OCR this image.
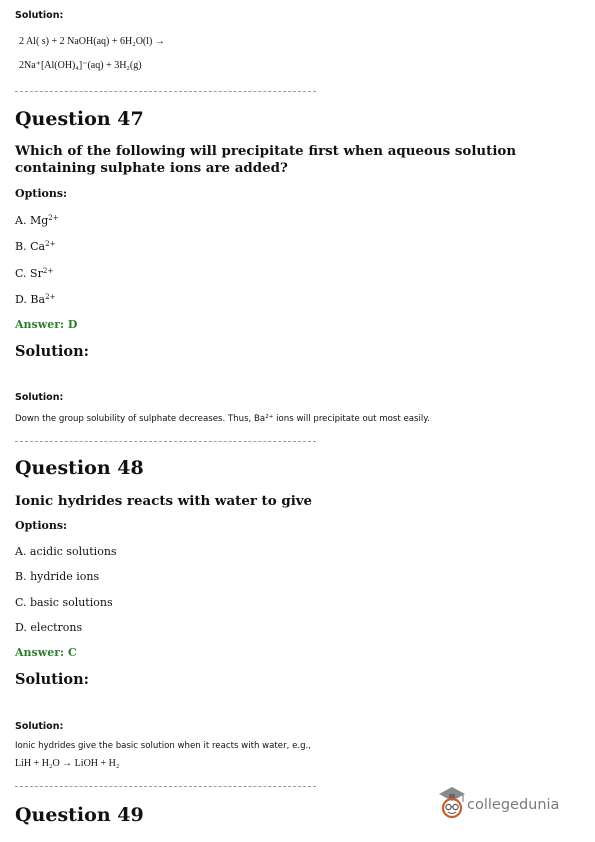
Solution:
2 Al( s) + 2 NaOH(aq) + 6H₂O(l) →
2Na⁺[Al(OH)₄]⁻(aq) + 3H₂(g)
Question 47
Which of the following will precipitate first when aqueous solution
containing sulphate ions are added?
Options:
A. $Mg^{2+}$
B. $Ca^{2+}$
C. $Sr^{2+}$
D. $Ba^{2+}$
Answer: D
Solution:
Solution:
Down the group solubility of sulphate decreases. Thus, $Ba^{2+}$ ions will precipitate out most easily.
Question 48
Ionic hydrides reacts with water to give
Options:
A. acidic solutions
B. hydride ions
C. basic solutions
D. electrons
Answer: C
Solution:
Solution:
Ionic hydrides give the basic solution when it reacts with water, e.g.,
LiH + H₂O → LiOH + H₂
Question 49	collegedunia
